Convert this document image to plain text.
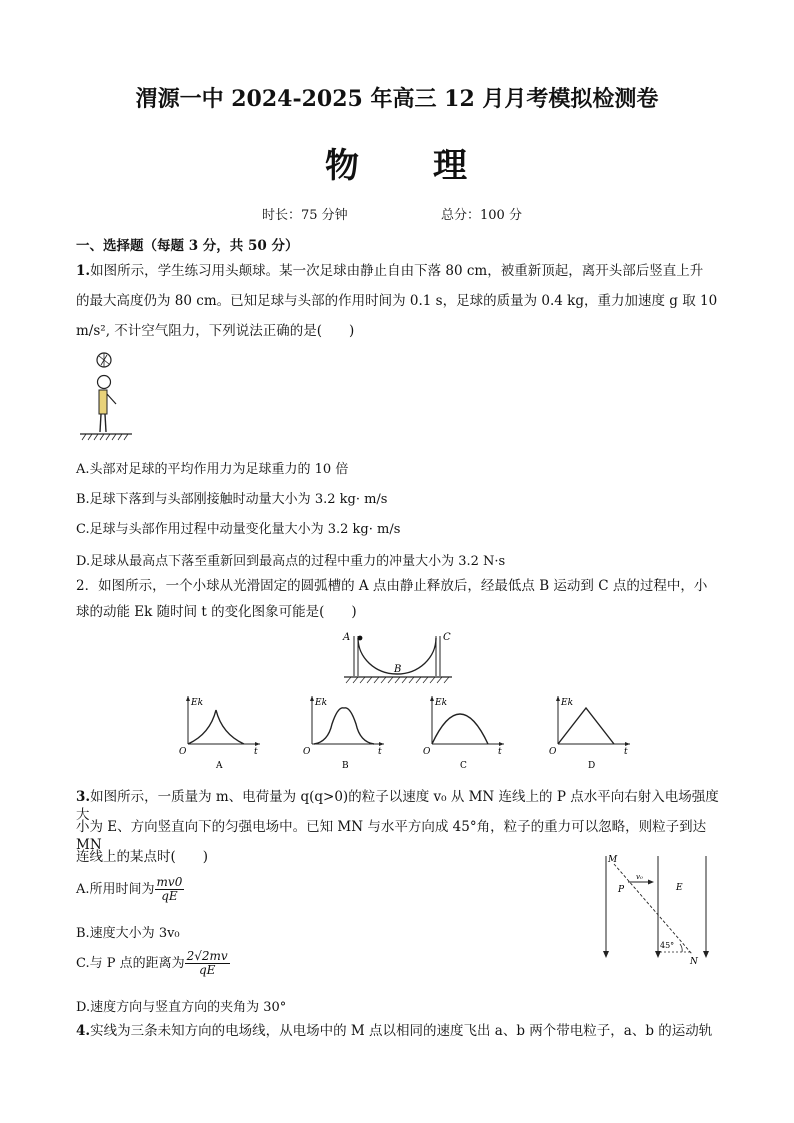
渭源一中 2024-2025 年高三 12 月月考模拟检测卷
物 理
时长：75 分钟	总分：100 分
一、选择题（每题 3 分，共 50 分）
1.如图所示，学生练习用头颠球。某一次足球由静止自由下落 80 cm，被重新顶起，离开头部后竖直上升
的最大高度仍为 80 cm。已知足球与头部的作用时间为 0.1 s，足球的质量为 0.4 kg，重力加速度 g 取 10
m/s², 不计空气阻力，下列说法正确的是(　　)
A.头部对足球的平均作用力为足球重力的 10 倍
B.足球下落到与头部刚接触时动量大小为 3.2 kg· m/s
C.足球与头部作用过程中动量变化量大小为 3.2 kg· m/s
D.足球从最高点下落至重新回到最高点的过程中重力的冲量大小为 3.2 N·s
2．如图所示，一个小球从光滑固定的圆弧槽的 A 点由静止释放后，经最低点 B 运动到 C 点的过程中，小
球的动能 Ek 随时间 t 的变化图象可能是(　　)
A	C
B
Ek
t
O
A
Ek
t
O
B
Ek
t
O
C
Ek
t
O
D
3.如图所示，一质量为 m、电荷量为 q(q>0)的粒子以速度 v₀ 从 MN 连线上的 P 点水平向右射入电场强度大
小为 E、方向竖直向下的匀强电场中。已知 MN 与水平方向成 45°角，粒子的重力可以忽略，则粒子到达 MN
连线上的某点时(　　)
A.所用时间为 $\frac{mv0}{qE}$
B.速度大小为 3v₀
C.与 P 点的距离为 $\frac{2√2mv}{qE}$
D.速度方向与竖直方向的夹角为 30°
M
N
P	E
v₀
45°
4.实线为三条未知方向的电场线，从电场中的 M 点以相同的速度飞出 a、b 两个带电粒子，a、b 的运动轨
